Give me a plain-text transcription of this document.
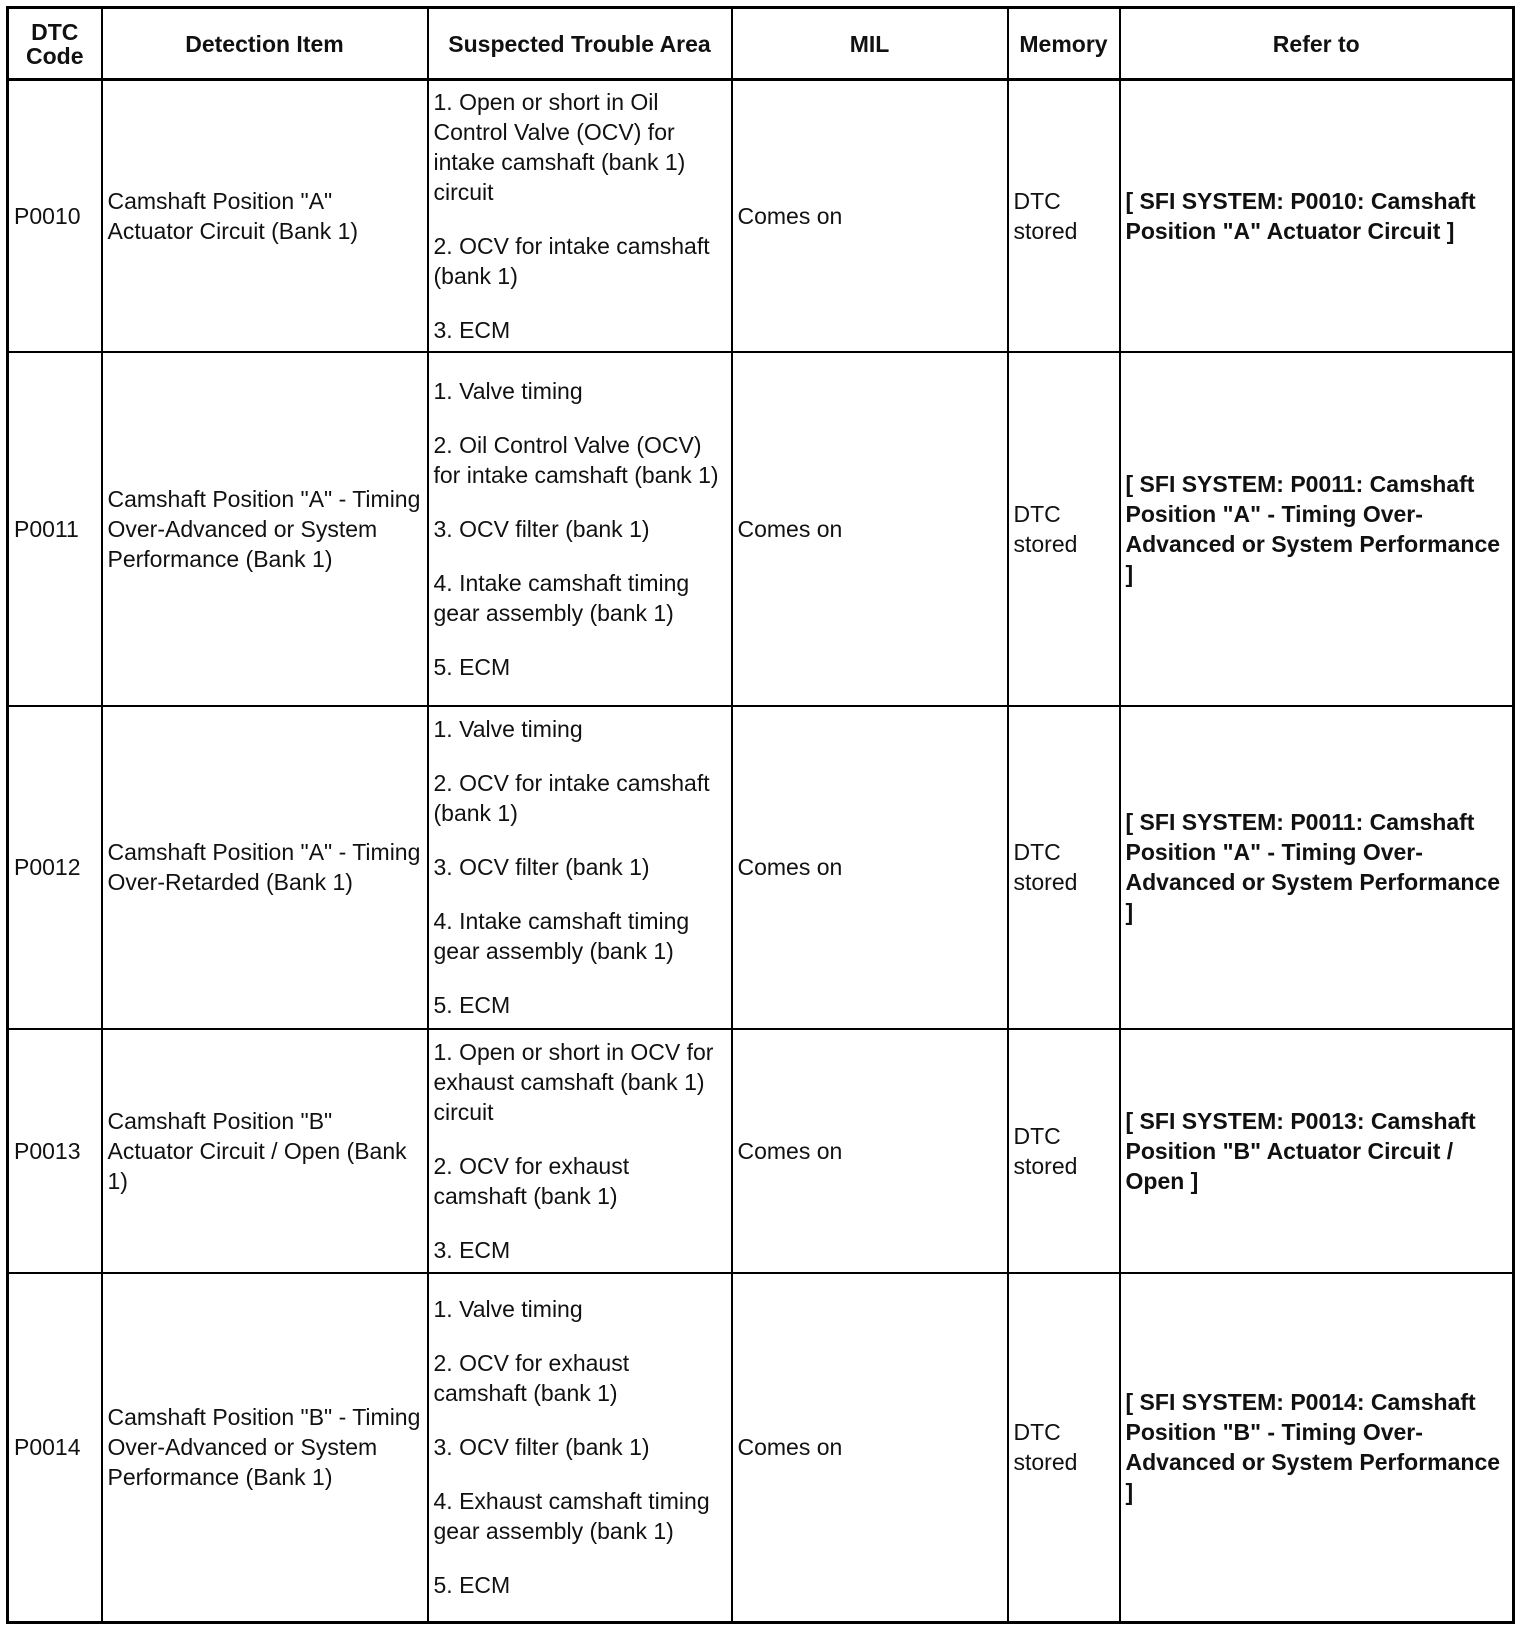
DTC Code	Detection Item	Suspected Trouble Area	MIL	Memory	Refer to
P0010	Camshaft Position "A" Actuator Circuit (Bank 1)	1. Open or short in Oil Control Valve (OCV) for intake camshaft (bank 1) circuit
2. OCV for intake camshaft (bank 1)
3. ECM	Comes on	DTC stored	[ SFI SYSTEM: P0010: Camshaft Position "A" Actuator Circuit ]
P0011	Camshaft Position "A" - Timing Over-Advanced or System Performance (Bank 1)	1. Valve timing
2. Oil Control Valve (OCV) for intake camshaft (bank 1)
3. OCV filter (bank 1)
4. Intake camshaft timing gear assembly (bank 1)
5. ECM	Comes on	DTC stored	[ SFI SYSTEM: P0011: Camshaft Position "A" - Timing Over-Advanced or System Performance ]
P0012	Camshaft Position "A" - Timing Over-Retarded (Bank 1)	1. Valve timing
2. OCV for intake camshaft (bank 1)
3. OCV filter (bank 1)
4. Intake camshaft timing gear assembly (bank 1)
5. ECM	Comes on	DTC stored	[ SFI SYSTEM: P0011: Camshaft Position "A" - Timing Over-Advanced or System Performance ]
P0013	Camshaft Position "B" Actuator Circuit / Open (Bank 1)	1. Open or short in OCV for exhaust camshaft (bank 1) circuit
2. OCV for exhaust camshaft (bank 1)
3. ECM	Comes on	DTC stored	[ SFI SYSTEM: P0013: Camshaft Position "B" Actuator Circuit / Open ]
P0014	Camshaft Position "B" - Timing Over-Advanced or System Performance (Bank 1)	1. Valve timing
2. OCV for exhaust camshaft (bank 1)
3. OCV filter (bank 1)
4. Exhaust camshaft timing gear assembly (bank 1)
5. ECM	Comes on	DTC stored	[ SFI SYSTEM: P0014: Camshaft Position "B" - Timing Over-Advanced or System Performance ]
